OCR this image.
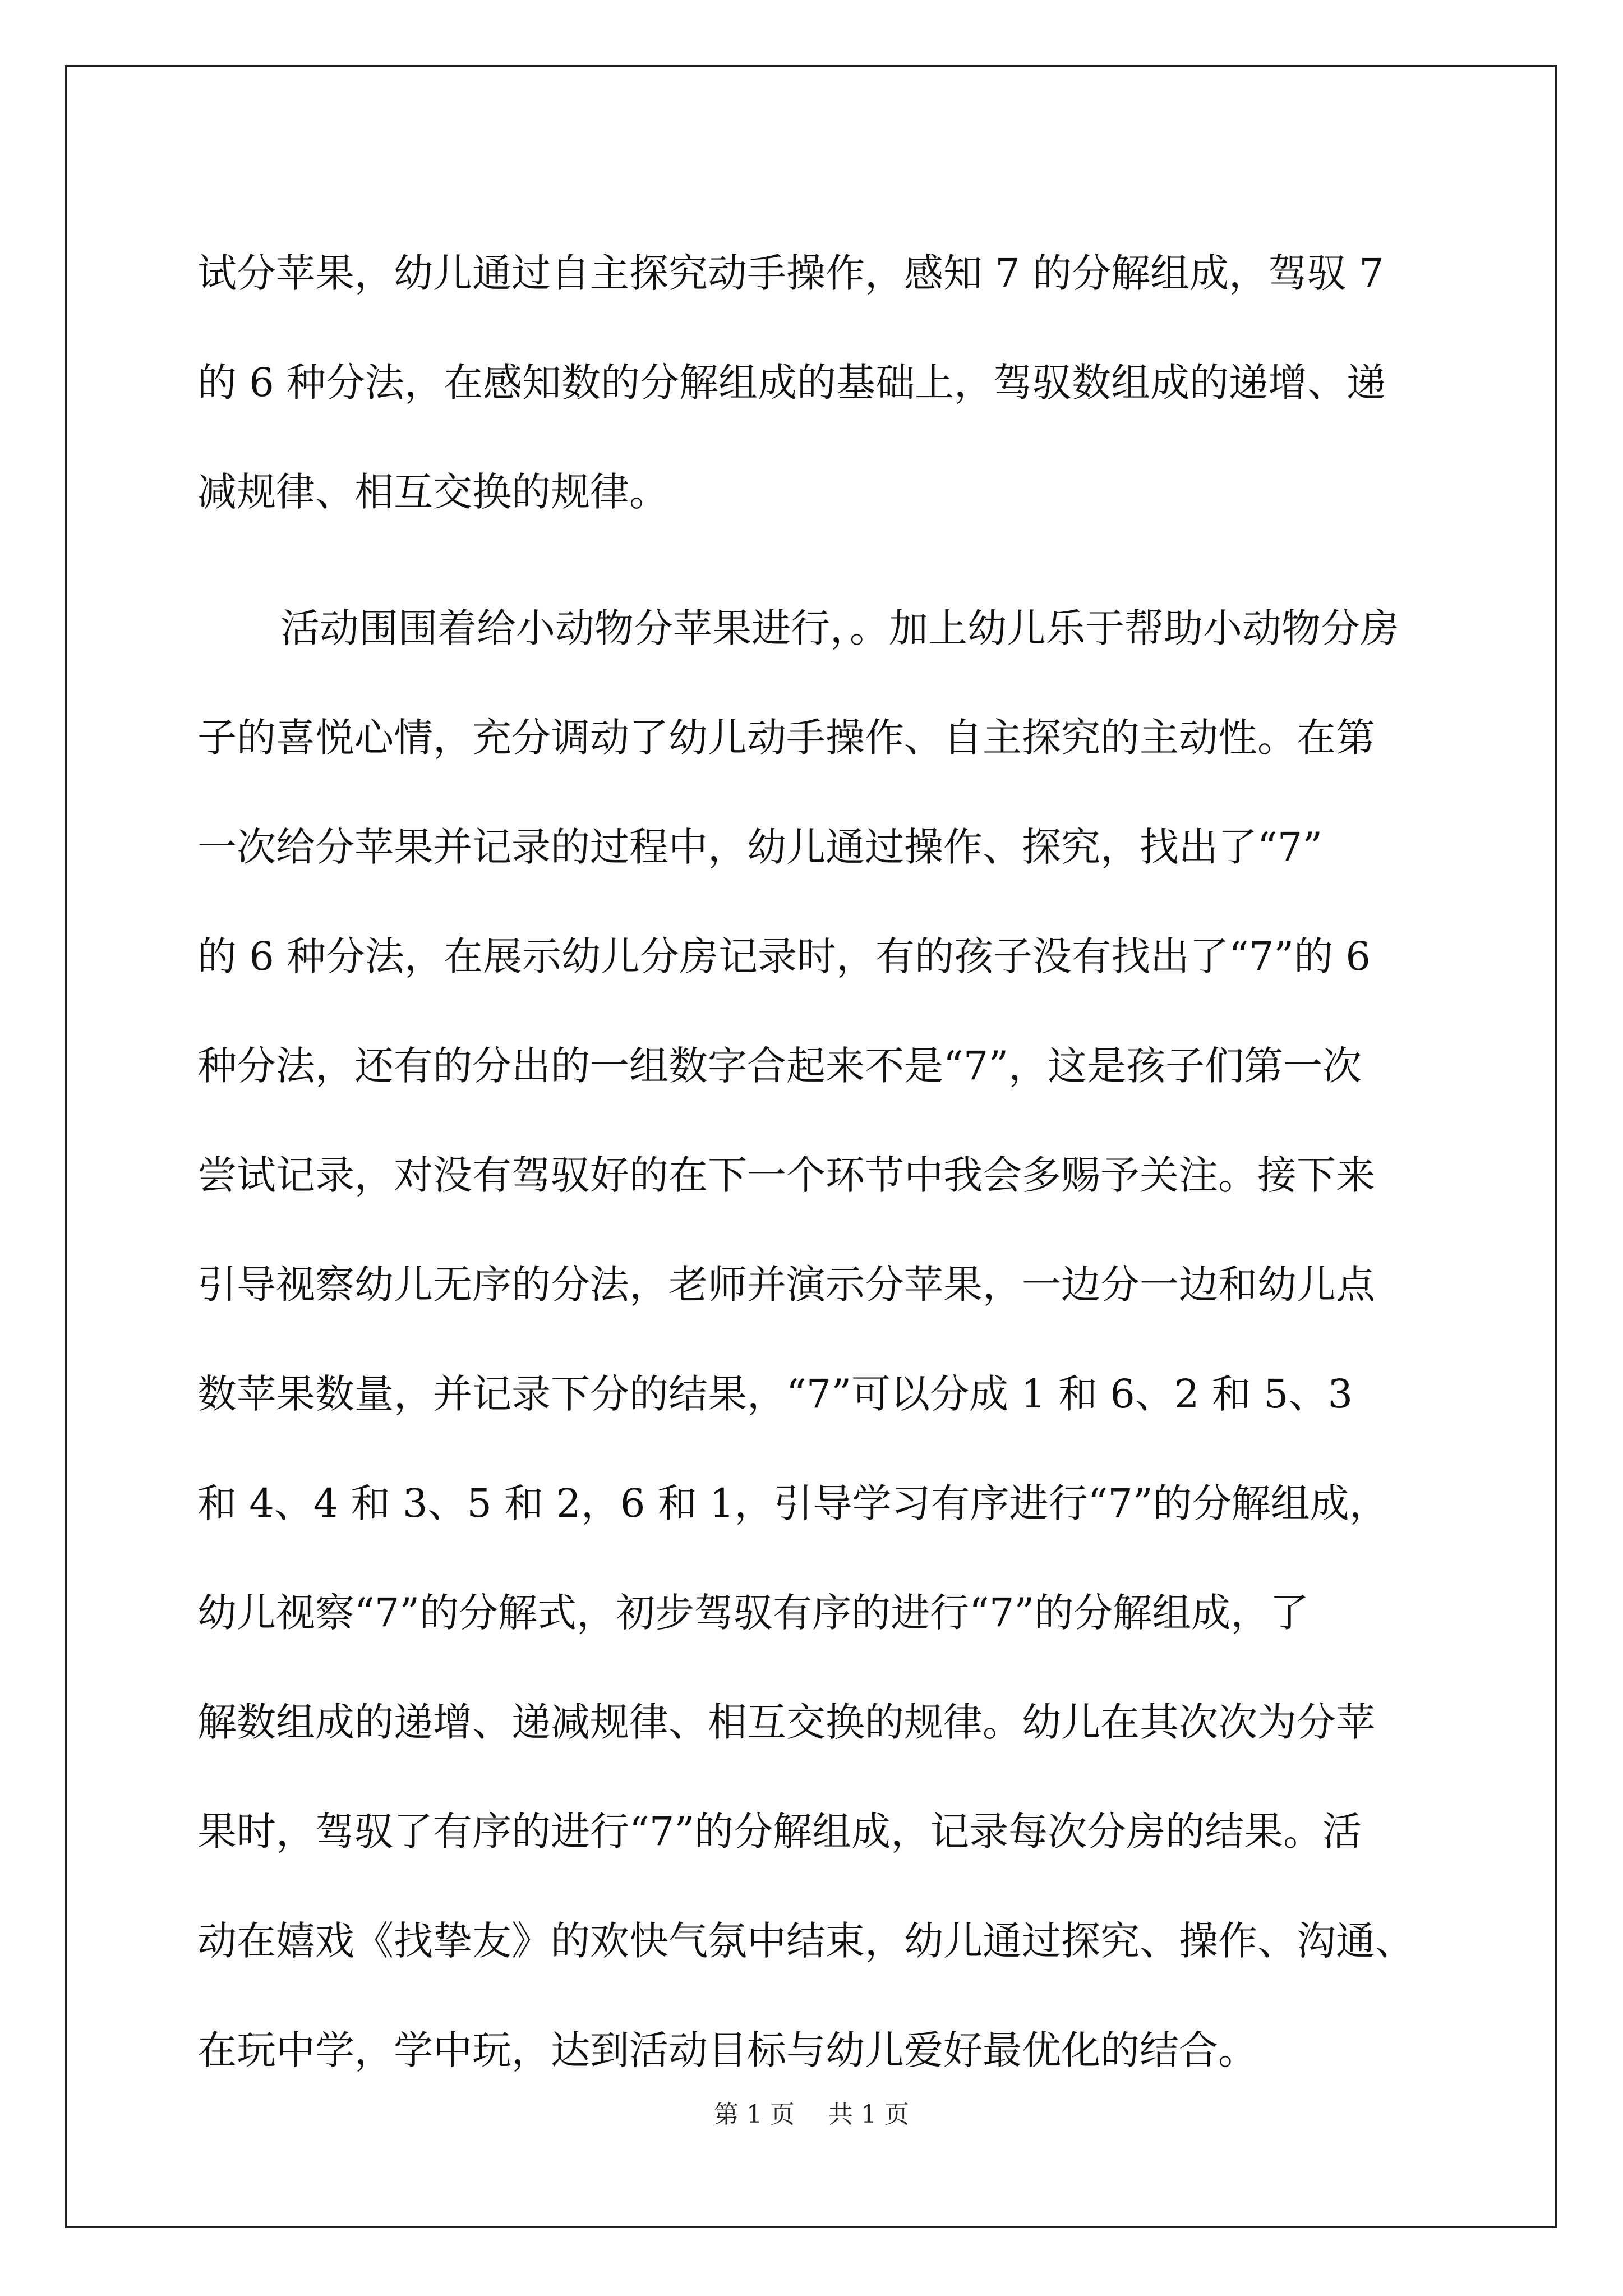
试分苹果，幼儿通过自主探究动手操作，感知 7 的分解组成，驾驭 7
的 6 种分法，在感知数的分解组成的基础上，驾驭数组成的递增、递
减规律、相互交换的规律。
活动围围着给小动物分苹果进行，。加上幼儿乐于帮助小动物分房
子的喜悦心情，充分调动了幼儿动手操作、自主探究的主动性。在第
一次给分苹果并记录的过程中，幼儿通过操作、探究，找出了“7”
的 6 种分法，在展示幼儿分房记录时，有的孩子没有找出了“7”的 6
种分法，还有的分出的一组数字合起来不是“7”，这是孩子们第一次
尝试记录，对没有驾驭好的在下一个环节中我会多赐予关注。接下来
引导视察幼儿无序的分法，老师并演示分苹果，一边分一边和幼儿点
数苹果数量，并记录下分的结果，“7”可以分成 1 和 6、2 和 5、3
和 4、4 和 3、5 和 2，6 和 1，引导学习有序进行“7”的分解组成，
幼儿视察“7”的分解式，初步驾驭有序的进行“7”的分解组成，了
解数组成的递增、递减规律、相互交换的规律。幼儿在其次次为分苹
果时，驾驭了有序的进行“7”的分解组成，记录每次分房的结果。活
动在嬉戏《找挚友》的欢快气氛中结束，幼儿通过探究、操作、沟通、
在玩中学，学中玩，达到活动目标与幼儿爱好最优化的结合。
第 1 页 共 1 页
